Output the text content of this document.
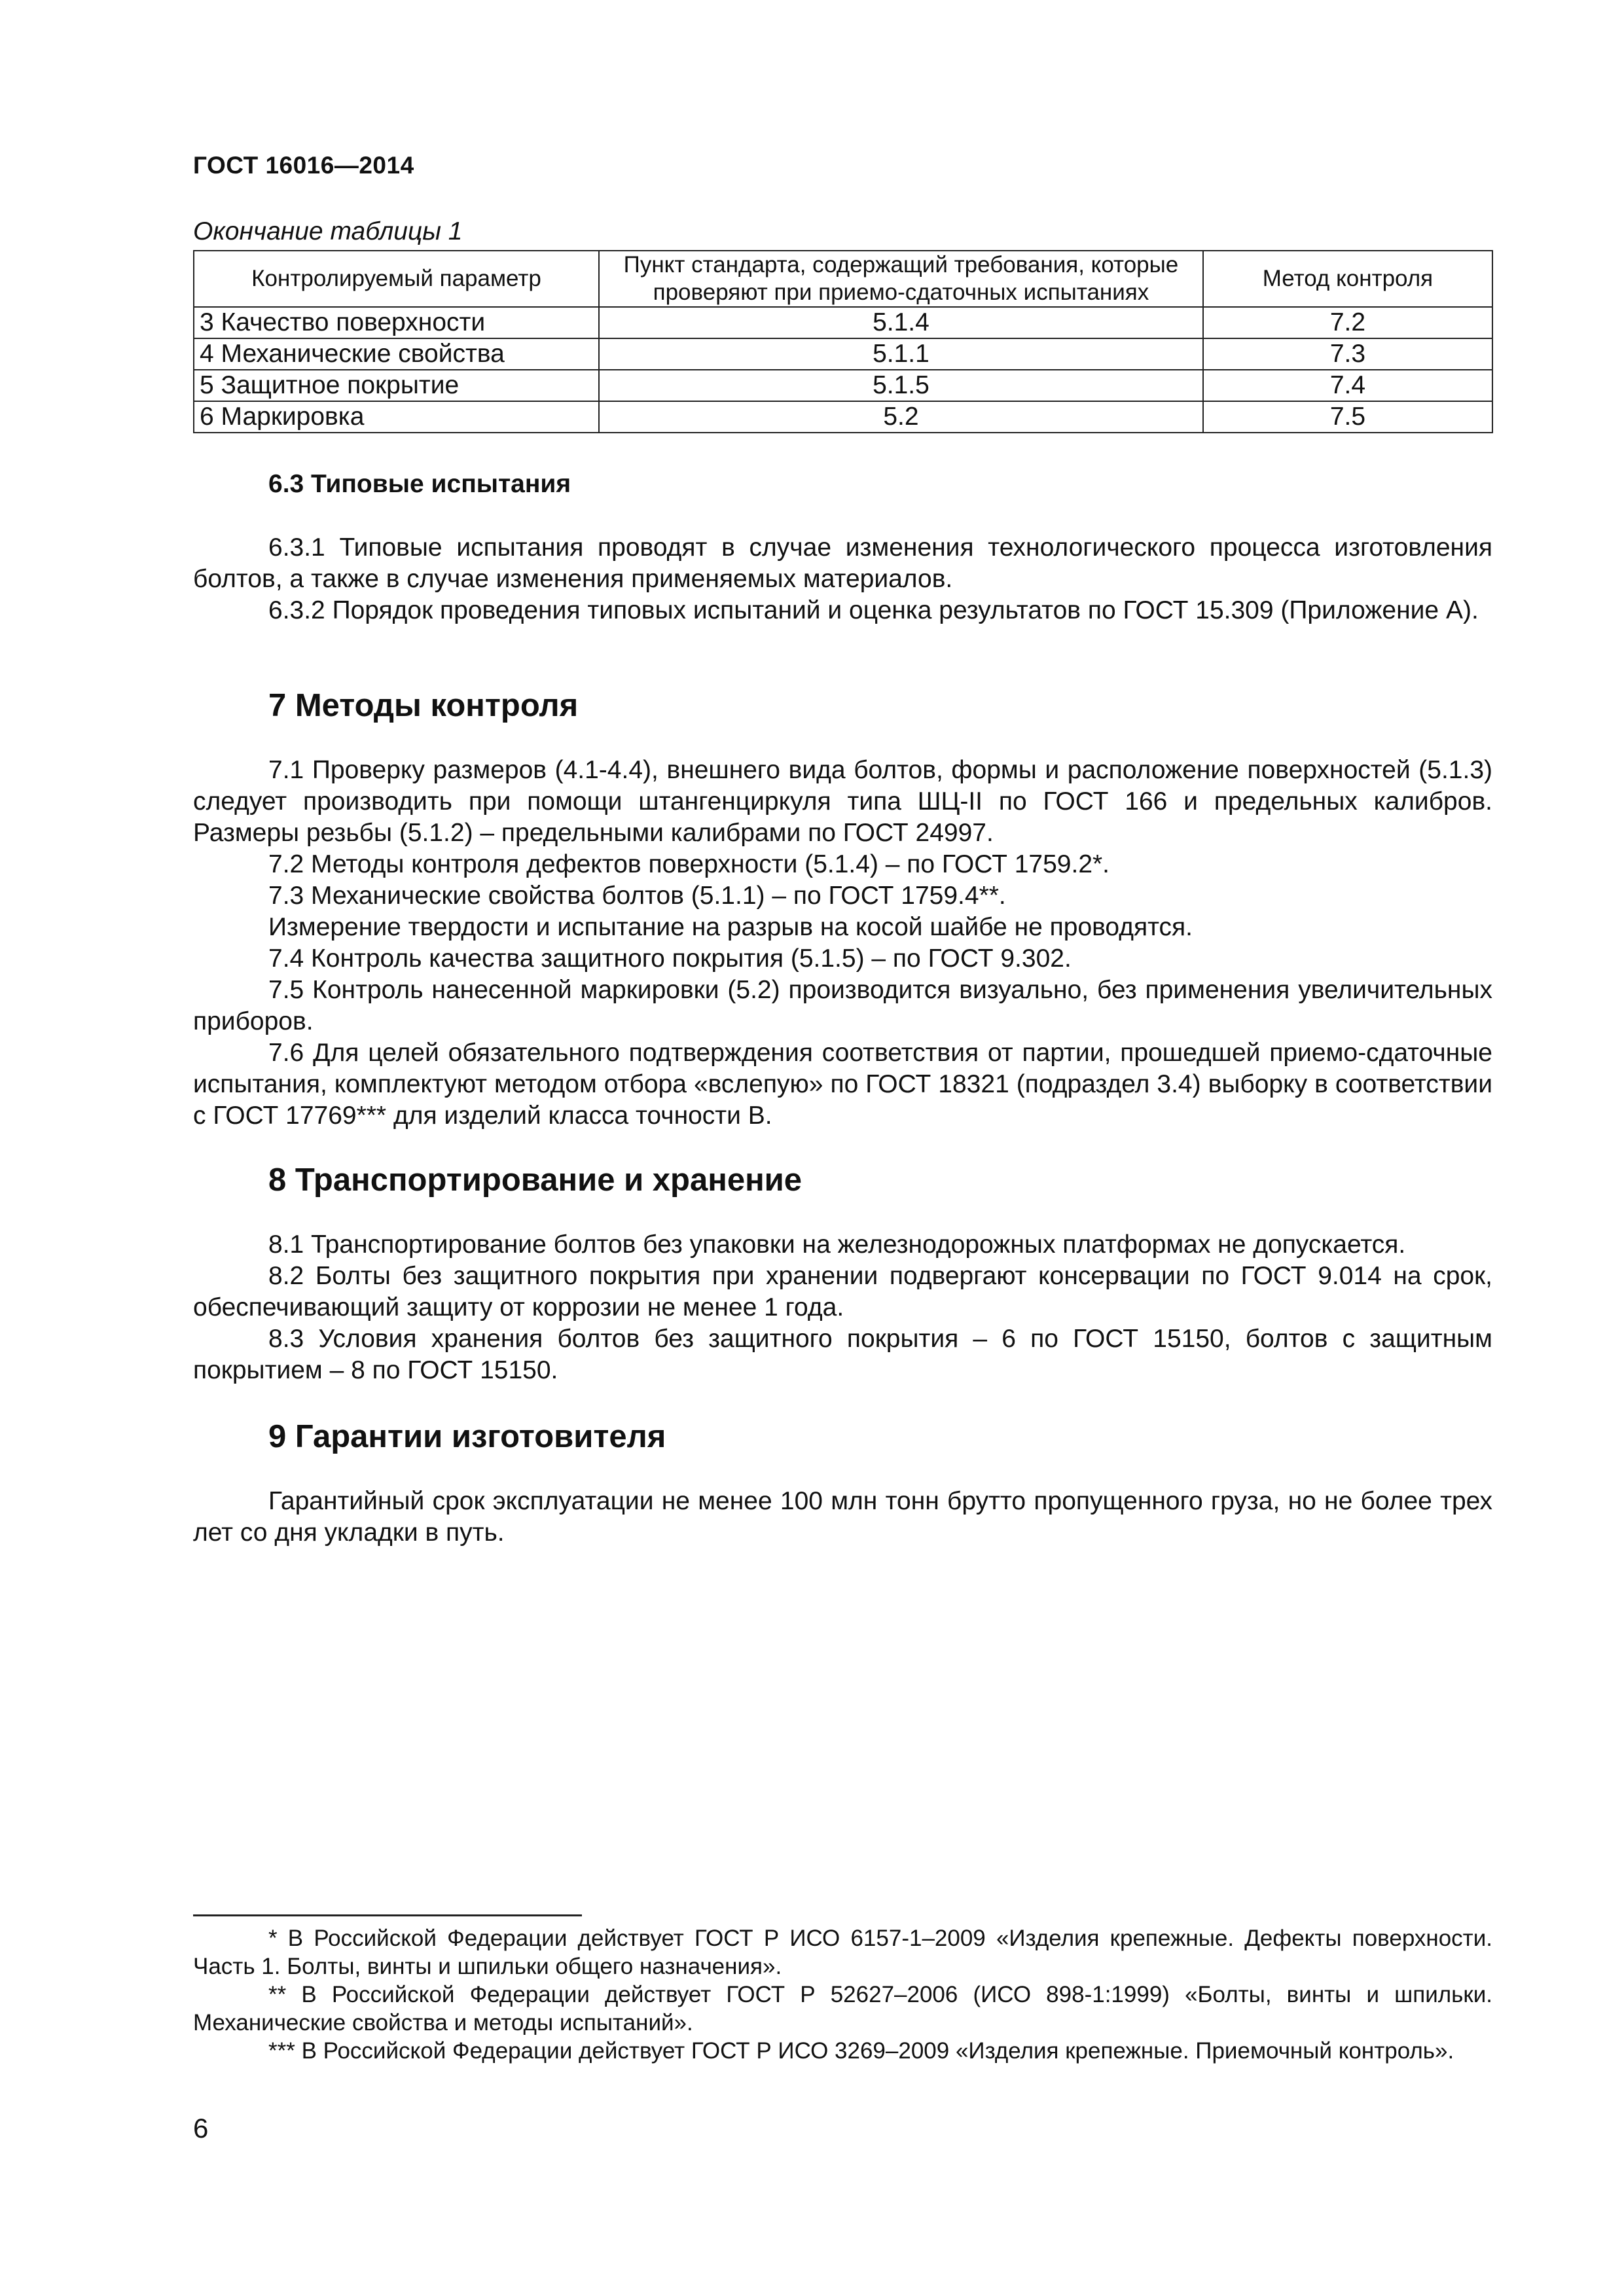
ГОСТ 16016—2014
Окончание таблицы 1
Контролируемый параметр	Пункт стандарта, содержащий требования, которые проверяют при приемо-сдаточных испытаниях	Метод контроля
3 Качество поверхности	5.1.4	7.2
4 Механические свойства	5.1.1	7.3
5 Защитное покрытие	5.1.5	7.4
6 Маркировка	5.2	7.5
6.3 Типовые испытания

6.3.1 Типовые испытания проводят в случае изменения технологического процесса изготовления болтов, а также в случае изменения применяемых материалов.

6.3.2 Порядок проведения типовых испытаний и оценка результатов по ГОСТ 15.309 (Приложение А).

7 Методы контроля

7.1 Проверку размеров (4.1-4.4), внешнего вида болтов, формы и расположение поверхностей (5.1.3) следует производить при помощи штангенциркуля типа ШЦ-II по ГОСТ 166 и предельных калибров. Размеры резьбы (5.1.2) – предельными калибрами по ГОСТ 24997.

7.2 Методы контроля дефектов поверхности (5.1.4) – по ГОСТ 1759.2*.

7.3 Механические свойства болтов (5.1.1) – по ГОСТ 1759.4**.

Измерение твердости и испытание на разрыв на косой шайбе не проводятся.

7.4 Контроль качества защитного покрытия (5.1.5) – по ГОСТ 9.302.

7.5 Контроль нанесенной маркировки (5.2) производится визуально, без применения увеличительных приборов.

7.6 Для целей обязательного подтверждения соответствия от партии, прошедшей приемо-сдаточные испытания, комплектуют методом отбора «вслепую» по ГОСТ 18321 (подраздел 3.4) выборку в соответствии с ГОСТ 17769*** для изделий класса точности В.

8 Транспортирование и хранение

8.1 Транспортирование болтов без упаковки на железнодорожных платформах не допускается.

8.2 Болты без защитного покрытия при хранении подвергают консервации по ГОСТ 9.014 на срок, обеспечивающий защиту от коррозии не менее 1 года.

8.3 Условия хранения болтов без защитного покрытия – 6 по ГОСТ 15150, болтов с защитным покрытием – 8 по ГОСТ 15150.

9 Гарантии изготовителя

Гарантийный срок эксплуатации не менее 100 млн тонн брутто пропущенного груза, но не более трех лет со дня укладки в путь.

* В Российской Федерации действует ГОСТ Р ИСО 6157-1–2009 «Изделия крепежные. Дефекты поверхности. Часть 1. Болты, винты и шпильки общего назначения».

** В Российской Федерации действует ГОСТ Р 52627–2006 (ИСО 898-1:1999) «Болты, винты и шпильки. Механические свойства и методы испытаний».

*** В Российской Федерации действует ГОСТ Р ИСО 3269–2009 «Изделия крепежные. Приемочный контроль».

6
